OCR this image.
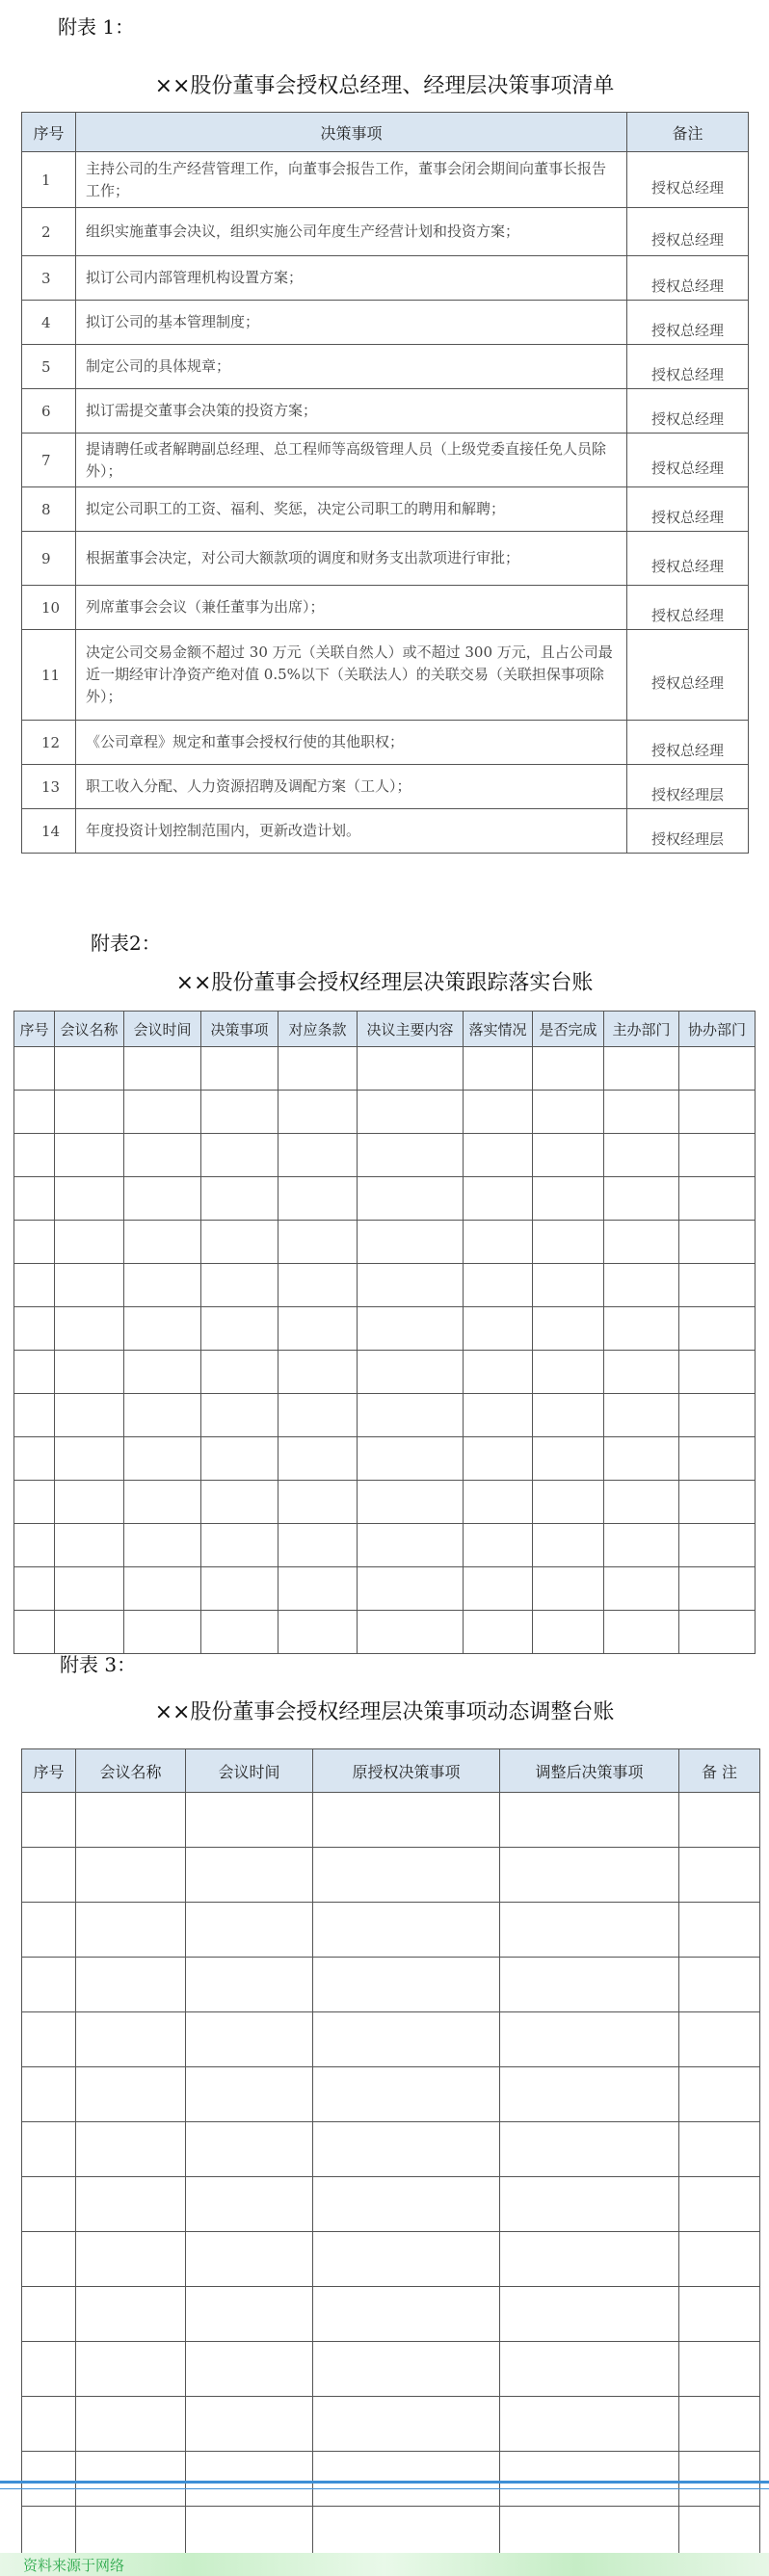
附表 1：
××股份董事会授权总经理、经理层决策事项清单
序号	决策事项	备注
1	主持公司的生产经营管理工作，向董事会报告工作，董事会闭会期间向董事长报告工作；	授权总经理
2	组织实施董事会决议，组织实施公司年度生产经营计划和投资方案；	授权总经理
3	拟订公司内部管理机构设置方案；	授权总经理
4	拟订公司的基本管理制度；	授权总经理
5	制定公司的具体规章；	授权总经理
6	拟订需提交董事会决策的投资方案；	授权总经理
7	提请聘任或者解聘副总经理、总工程师等高级管理人员（上级党委直接任免人员除外）；	授权总经理
8	拟定公司职工的工资、福利、奖惩，决定公司职工的聘用和解聘；	授权总经理
9	根据董事会决定，对公司大额款项的调度和财务支出款项进行审批；	授权总经理
10	列席董事会会议（兼任董事为出席）；	授权总经理
11	决定公司交易金额不超过 30 万元（关联自然人）或不超过 300 万元，且占公司最近一期经审计净资产绝对值 0.5%以下（关联法人）的关联交易（关联担保事项除外）；	授权总经理
12	《公司章程》规定和董事会授权行使的其他职权；	授权总经理
13	职工收入分配、人力资源招聘及调配方案（工人）；	授权经理层
14	年度投资计划控制范围内，更新改造计划。	授权经理层
附表2：
××股份董事会授权经理层决策跟踪落实台账
序号	会议名称	会议时间	决策事项	对应条款	决议主要内容	落实情况	是否完成	主办部门	协办部门

附表 3：
××股份董事会授权经理层决策事项动态调整台账
序号	会议名称	会议时间	原授权决策事项	调整后决策事项	备 注

资料来源于网络
